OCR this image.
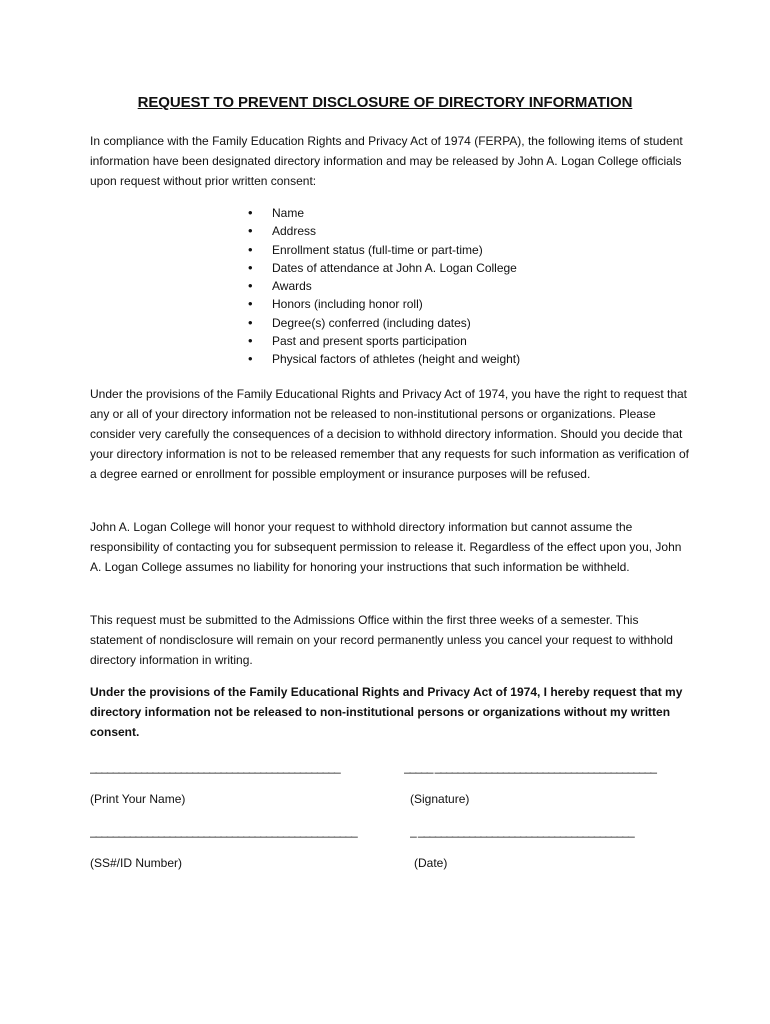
REQUEST TO PREVENT DISCLOSURE OF DIRECTORY INFORMATION
In compliance with the Family Education Rights and Privacy Act of 1974 (FERPA), the following items of student information have been designated directory information and may be released by John A. Logan College officials upon request without prior written consent:
• Name
• Address
• Enrollment status (full-time or part-time)
• Dates of attendance at John A. Logan College
• Awards
• Honors (including honor roll)
• Degree(s) conferred (including dates)
• Past and present sports participation
• Physical factors of athletes (height and weight)
Under the provisions of the Family Educational Rights and Privacy Act of 1974, you have the right to request that any or all of your directory information not be released to non-institutional persons or organizations. Please consider very carefully the consequences of a decision to withhold directory information. Should you decide that your directory information is not to be released remember that any requests for such information as verification of a degree earned or enrollment for possible employment or insurance purposes will be refused.
John A. Logan College will honor your request to withhold directory information but cannot assume the responsibility of contacting you for subsequent permission to release it. Regardless of the effect upon you, John A. Logan College assumes no liability for honoring your instructions that such information be withheld.
This request must be submitted to the Admissions Office within the first three weeks of a semester. This statement of nondisclosure will remain on your record permanently unless you cancel your request to withhold directory information in writing.
Under the provisions of the Family Educational Rights and Privacy Act of 1974, I hereby request that my directory information not be released to non-institutional persons or organizations without my written consent.
____________________________________________	_____ _______________________________________
(Print Your Name)	(Signature)
_______________________________________________	_ ______________________________________
(SS#/ID Number)	(Date)
